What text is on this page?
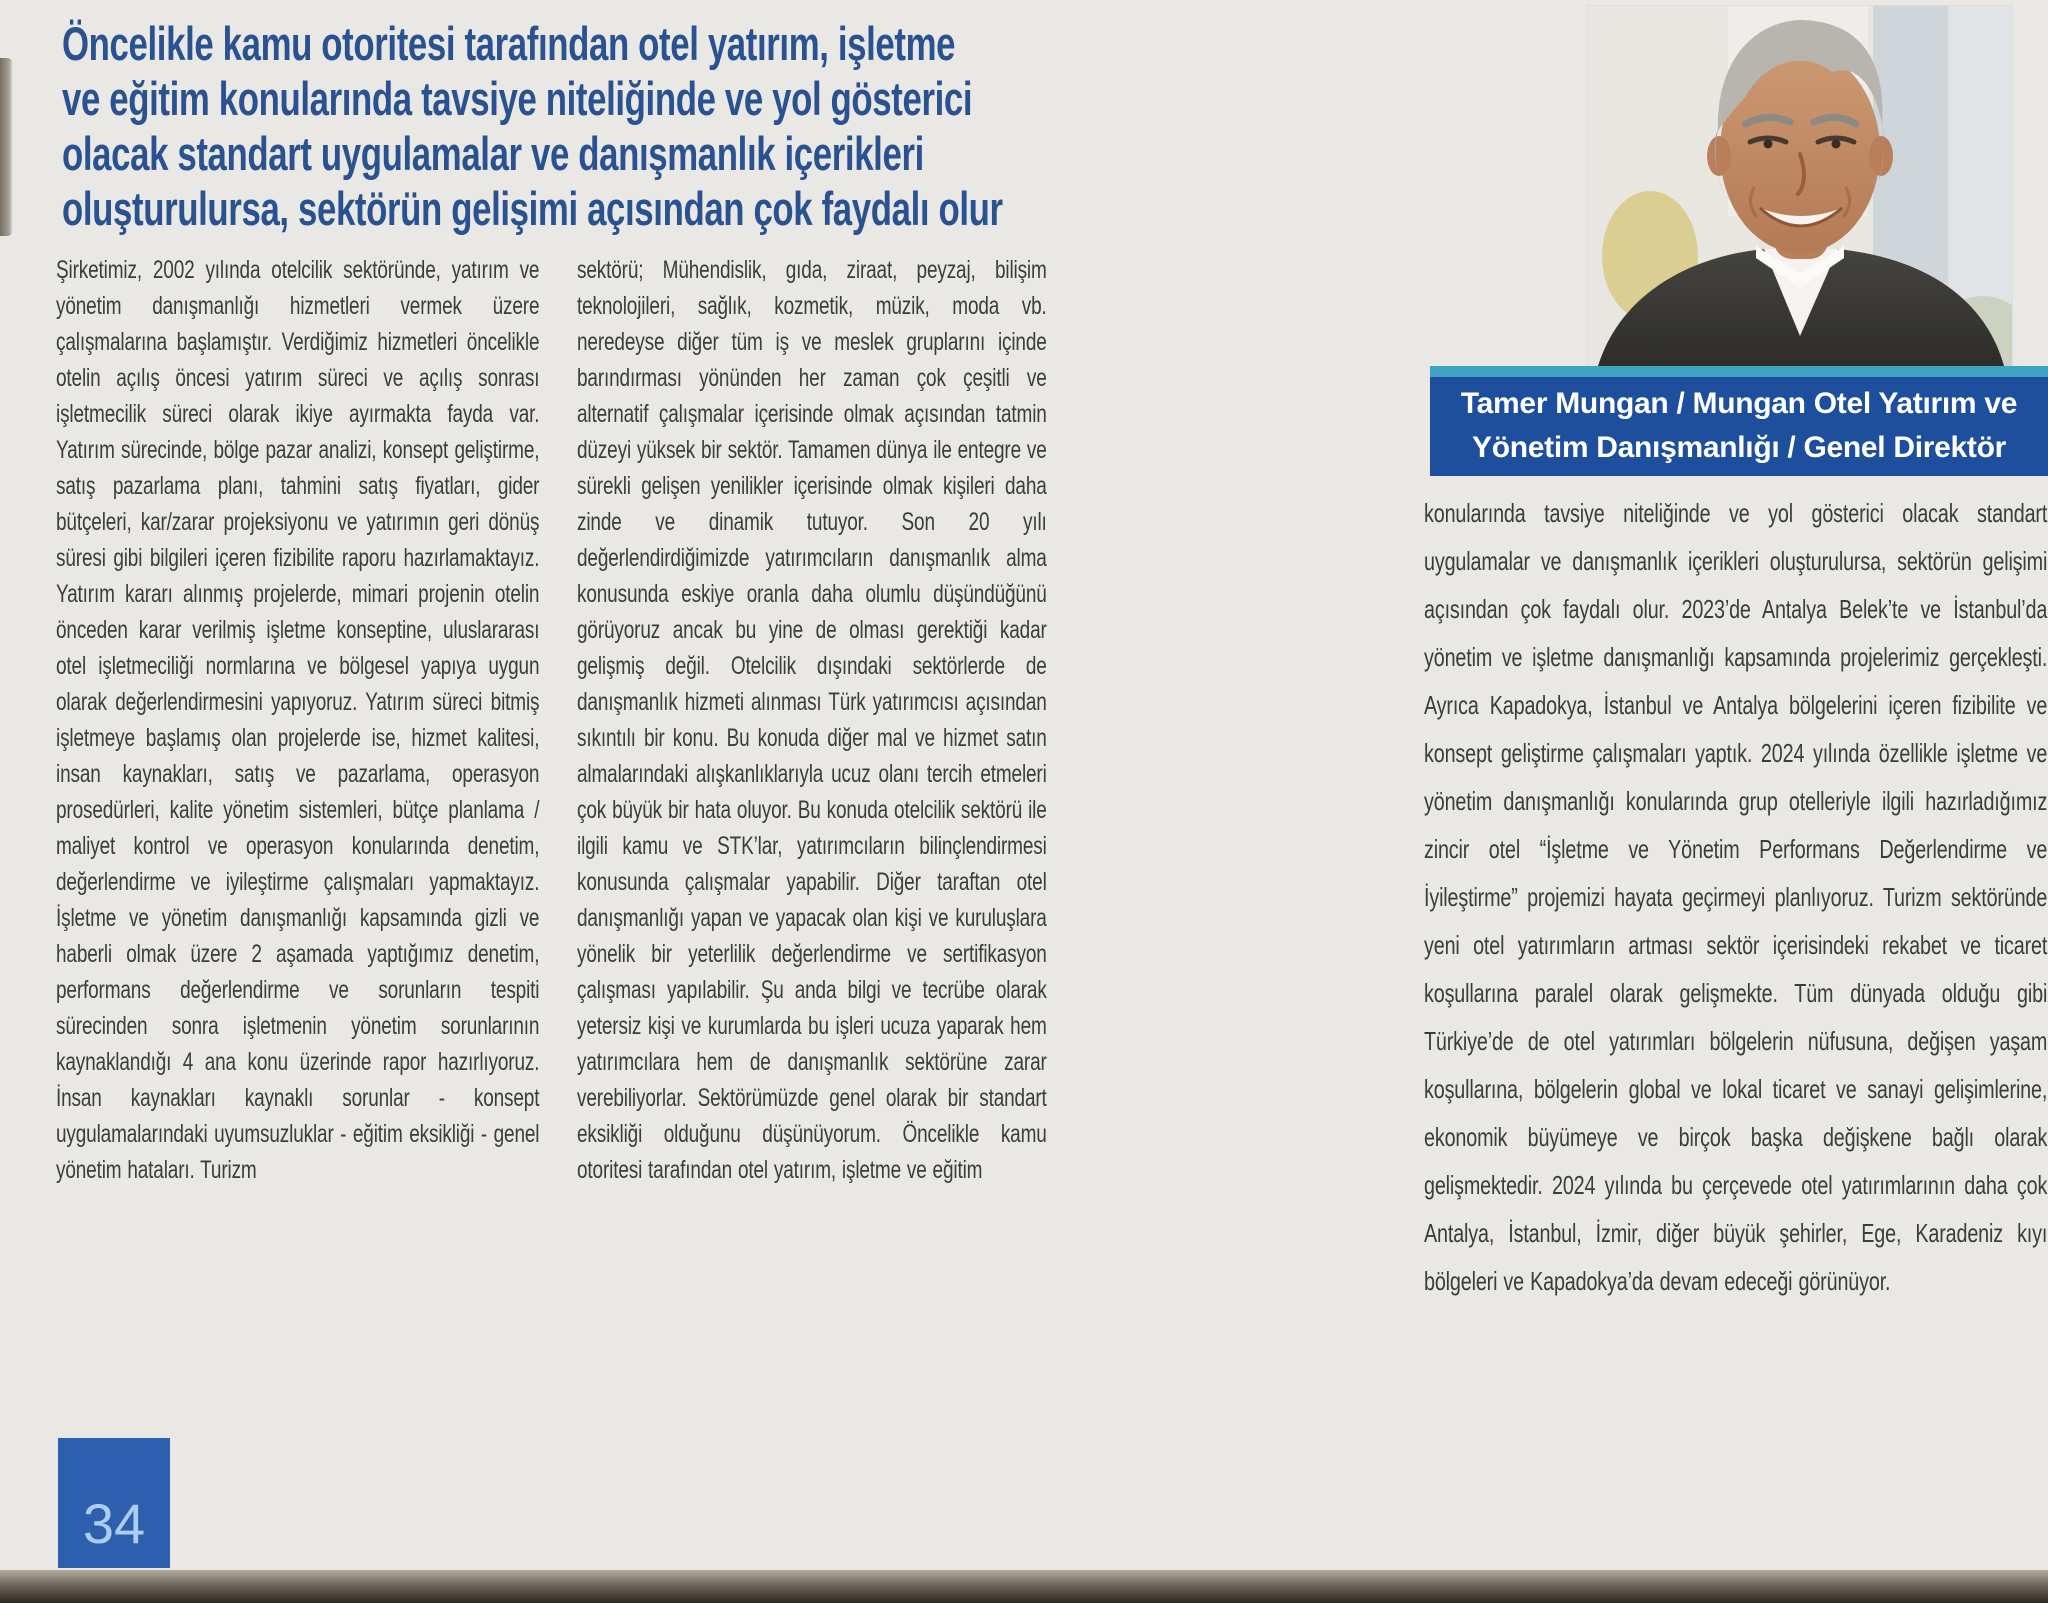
Öncelikle kamu otoritesi tarafından otel yatırım, işletme
ve eğitim konularında tavsiye niteliğinde ve yol gösterici
olacak standart uygulamalar ve danışmanlık içerikleri
oluşturulursa, sektörün gelişimi açısından çok faydalı olur
Tamer Mungan / Mungan Otel Yatırım ve
Yönetim Danışmanlığı / Genel Direktör
Şirketimiz, 2002 yılında otelcilik sektöründe, yatırım ve yönetim danışmanlığı hizmetleri vermek üzere çalışmalarına başlamıştır. Verdiğimiz hizmetleri öncelikle otelin açılış öncesi yatırım süreci ve açılış sonrası işletmecilik süreci olarak ikiye ayırmakta fayda var. Yatırım sürecinde, bölge pazar analizi, konsept geliştirme, satış pazarlama planı, tahmini satış fiyatları, gider bütçeleri, kar/zarar projeksiyonu ve yatırımın geri dönüş süresi gibi bilgileri içeren fizibilite raporu hazırlamaktayız. Yatırım kararı alınmış projelerde, mimari projenin otelin önceden karar verilmiş işletme konseptine, uluslararası otel işletmeciliği normlarına ve bölgesel yapıya uygun olarak değerlendirmesini yapıyoruz. Yatırım süreci bitmiş işletmeye başlamış olan projelerde ise, hizmet kalitesi, insan kaynakları, satış ve pazarlama, operasyon prosedürleri, kalite yönetim sistemleri, bütçe planlama / maliyet kontrol ve operasyon konularında denetim, değerlendirme ve iyileştirme çalışmaları yapmaktayız. İşletme ve yönetim danışmanlığı kapsamında gizli ve haberli olmak üzere 2 aşamada yaptığımız denetim, performans değerlendirme ve sorunların tespiti sürecinden sonra işletmenin yönetim sorunlarının kaynaklandığı 4 ana konu üzerinde rapor hazırlıyoruz. İnsan kaynakları kaynaklı sorunlar - konsept uygulamalarındaki uyumsuzluklar - eğitim eksikliği - genel yönetim hataları. Turizm
sektörü; Mühendislik, gıda, ziraat, peyzaj, bilişim teknolojileri, sağlık, kozmetik, müzik, moda vb. neredeyse diğer tüm iş ve meslek gruplarını içinde barındırması yönünden her zaman çok çeşitli ve alternatif çalışmalar içerisinde olmak açısından tatmin düzeyi yüksek bir sektör. Tamamen dünya ile entegre ve sürekli gelişen yenilikler içerisinde olmak kişileri daha zinde ve dinamik tutuyor. Son 20 yılı değerlendirdiğimizde yatırımcıların danışmanlık alma konusunda eskiye oranla daha olumlu düşündüğünü görüyoruz ancak bu yine de olması gerektiği kadar gelişmiş değil. Otelcilik dışındaki sektörlerde de danışmanlık hizmeti alınması Türk yatırımcısı açısından sıkıntılı bir konu. Bu konuda diğer mal ve hizmet satın almalarındaki alışkanlıklarıyla ucuz olanı tercih etmeleri çok büyük bir hata oluyor. Bu konuda otelcilik sektörü ile ilgili kamu ve STK’lar, yatırımcıların bilinçlendirmesi konusunda çalışmalar yapabilir. Diğer taraftan otel danışmanlığı yapan ve yapacak olan kişi ve kuruluşlara yönelik bir yeterlilik değerlendirme ve sertifikasyon çalışması yapılabilir. Şu anda bilgi ve tecrübe olarak yetersiz kişi ve kurumlarda bu işleri ucuza yaparak hem yatırımcılara hem de danışmanlık sektörüne zarar verebiliyorlar. Sektörümüzde genel olarak bir standart eksikliği olduğunu düşünüyorum. Öncelikle kamu otoritesi tarafından otel yatırım, işletme ve eğitim
konularında tavsiye niteliğinde ve yol gösterici olacak standart uygulamalar ve danışmanlık içerikleri oluşturulursa, sektörün gelişimi açısından çok faydalı olur. 2023’de Antalya Belek’te ve İstanbul’da yönetim ve işletme danışmanlığı kapsamında projelerimiz gerçekleşti. Ayrıca Kapadokya, İstanbul ve Antalya bölgelerini içeren fizibilite ve konsept geliştirme çalışmaları yaptık. 2024 yılında özellikle işletme ve yönetim danışmanlığı konularında grup otelleriyle ilgili hazırladığımız zincir otel “İşletme ve Yönetim Performans Değerlendirme ve İyileştirme” projemizi hayata geçirmeyi planlıyoruz. Turizm sektöründe yeni otel yatırımların artması sektör içerisindeki rekabet ve ticaret koşullarına paralel olarak gelişmekte. Tüm dünyada olduğu gibi Türkiye’de de otel yatırımları bölgelerin nüfusuna, değişen yaşam koşullarına, bölgelerin global ve lokal ticaret ve sanayi gelişimlerine, ekonomik büyümeye ve birçok başka değişkene bağlı olarak gelişmektedir. 2024 yılında bu çerçevede otel yatırımlarının daha çok Antalya, İstanbul, İzmir, diğer büyük şehirler, Ege, Karadeniz kıyı bölgeleri ve Kapadokya’da devam edeceği görünüyor.
34
